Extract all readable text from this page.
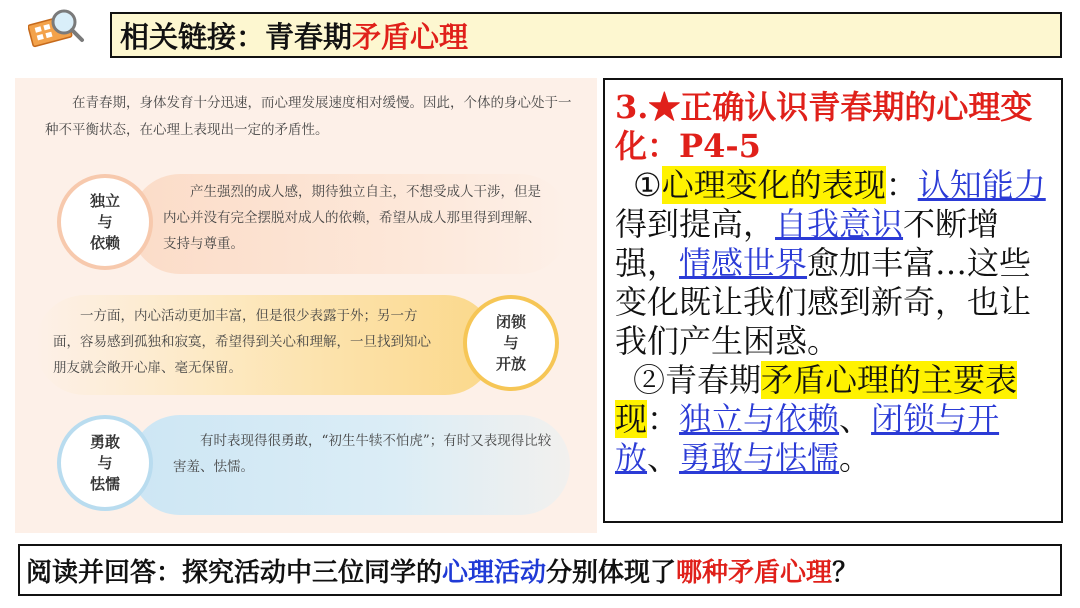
相关链接： 青春期 矛盾心理
在青春期，身体发育十分迅速，而心理发展速度相对缓慢。因此，个体的身心处于一种不平衡状态，在心理上表现出一定的矛盾性。
独立
与
依赖
闭锁
与
开放
勇敢
与
怯懦
产生强烈的成人感，期待独立自主，不想受成人干涉，但是内心并没有完全摆脱对成人的依赖，希望从成人那里得到理解、支持与尊重。
一方面，内心活动更加丰富，但是很少表露于外；另一方面，容易感到孤独和寂寞，希望得到关心和理解，一旦找到知心朋友就会敞开心扉、毫无保留。
有时表现得很勇敢，“初生牛犊不怕虎”；有时又表现得比较害羞、怯懦。
3.★正确认识青春期的心理变化：P4-5
①心理变化的表现：认知能力得到提高，自我意识不断增强，情感世界愈加丰富…这些变化既让我们感到新奇，也让我们产生困惑。
②青春期矛盾心理的主要表现：独立与依赖、闭锁与开放、勇敢与怯懦。
阅读并回答：探究活动中三位同学的 心理活动 分别体现了 哪种矛盾心理 ？
